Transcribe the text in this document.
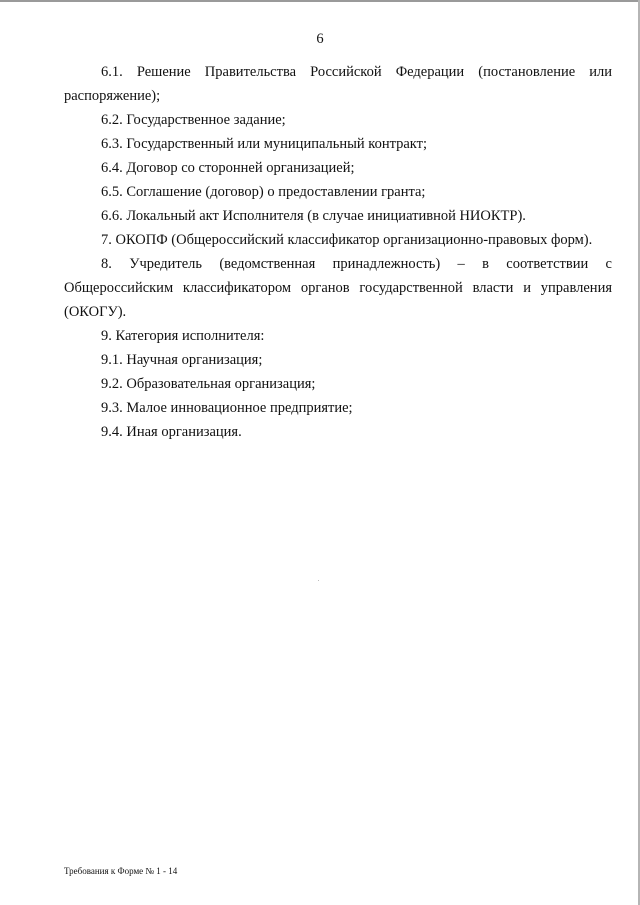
6

6.1. Решение Правительства Российской Федерации (постановление или распоряжение);

6.2. Государственное задание;

6.3. Государственный или муниципальный контракт;

6.4. Договор со сторонней организацией;

6.5. Соглашение (договор) о предоставлении гранта;

6.6. Локальный акт Исполнителя (в случае инициативной НИОКТР).

7. ОКОПФ (Общероссийский классификатор организационно-правовых форм).

8. Учредитель (ведомственная принадлежность) – в соответствии с Общероссийским классификатором органов государственной власти и управления (ОКОГУ).

9. Категория исполнителя:

9.1. Научная организация;

9.2. Образовательная организация;

9.3. Малое инновационное предприятие;

9.4. Иная организация.

Требования к Форме № 1 - 14
